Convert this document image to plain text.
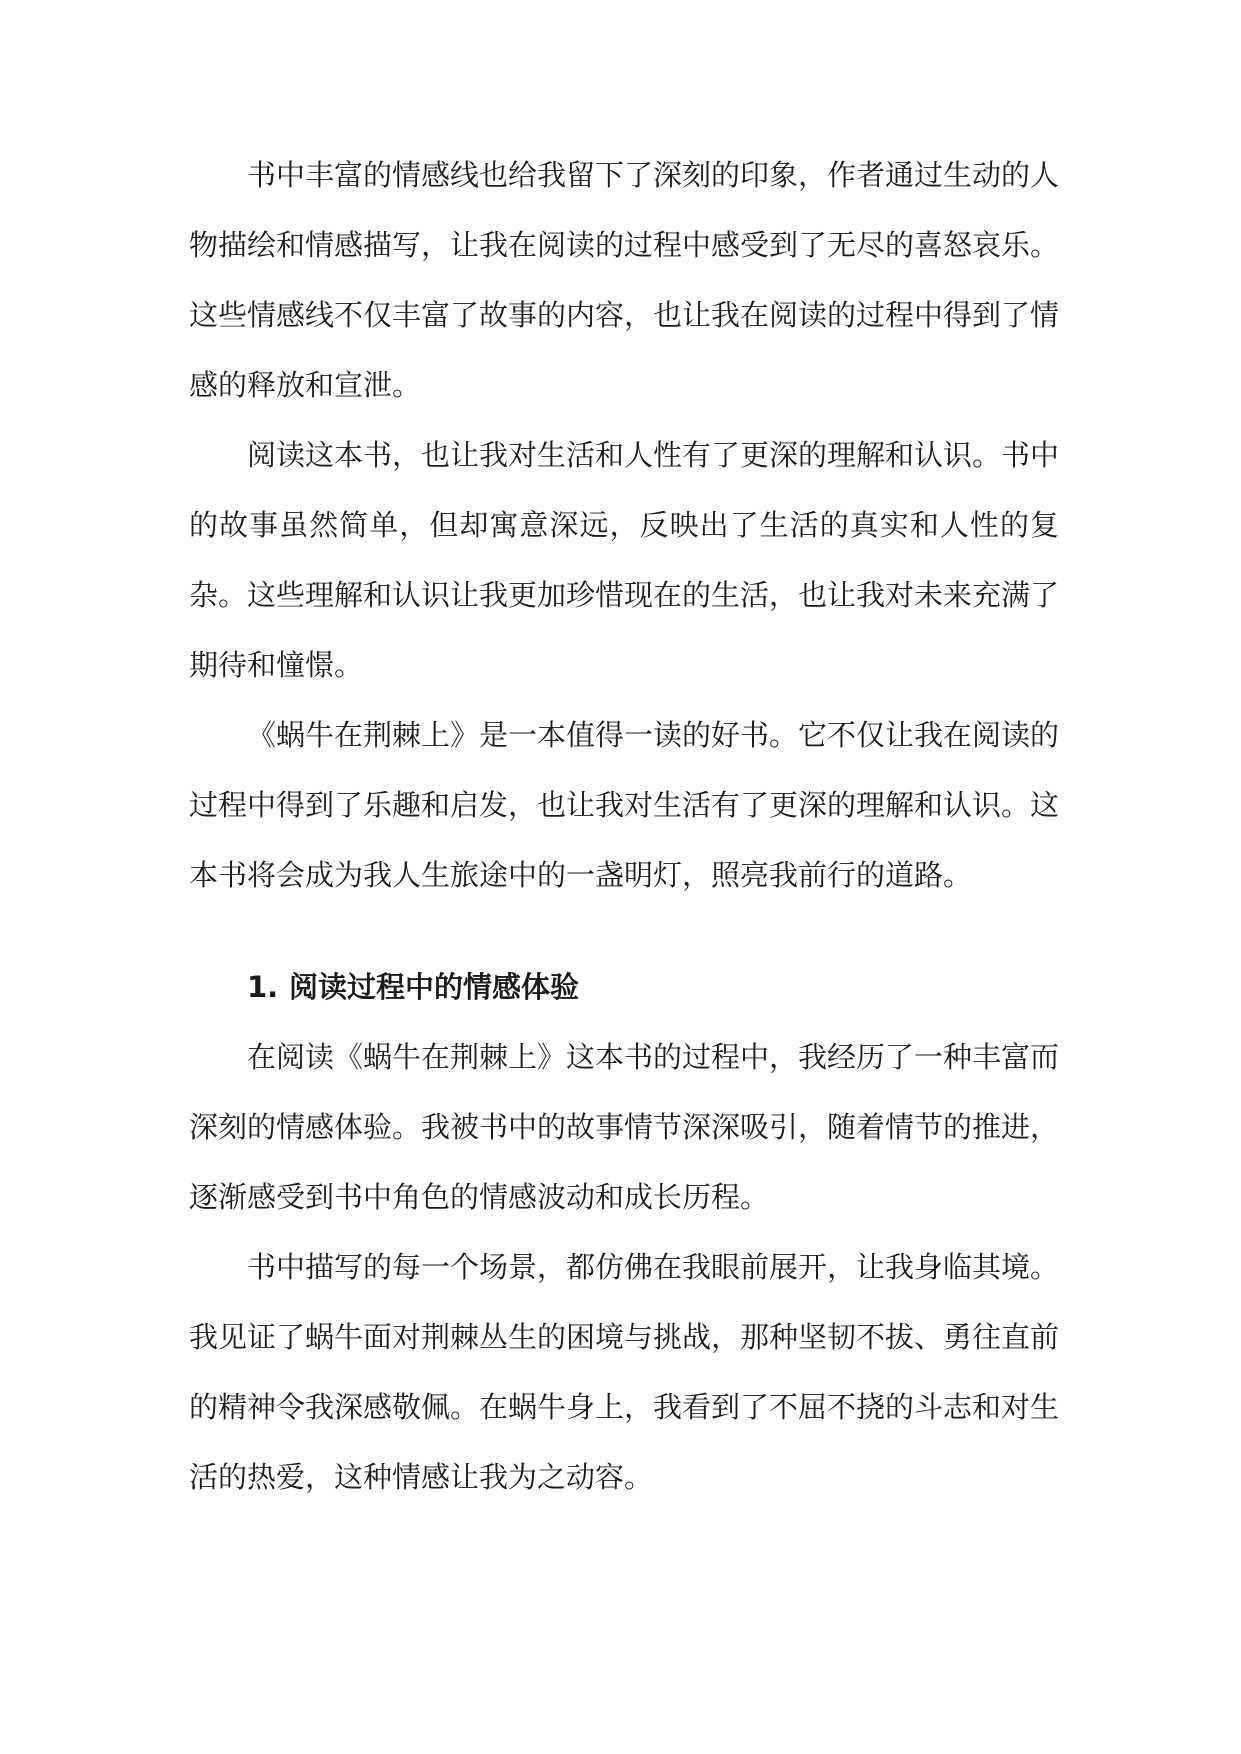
书中丰富的情感线也给我留下了深刻的印象，作者通过生动的人物描绘和情感描写，让我在阅读的过程中感受到了无尽的喜怒哀乐。这些情感线不仅丰富了故事的内容，也让我在阅读的过程中得到了情感的释放和宣泄。

阅读这本书，也让我对生活和人性有了更深的理解和认识。书中的故事虽然简单，但却寓意深远，反映出了生活的真实和人性的复杂。这些理解和认识让我更加珍惜现在的生活，也让我对未来充满了期待和憧憬。

《蜗牛在荆棘上》是一本值得一读的好书。它不仅让我在阅读的过程中得到了乐趣和启发，也让我对生活有了更深的理解和认识。这本书将会成为我人生旅途中的一盏明灯，照亮我前行的道路。

1. 阅读过程中的情感体验

在阅读《蜗牛在荆棘上》这本书的过程中，我经历了一种丰富而深刻的情感体验。我被书中的故事情节深深吸引，随着情节的推进，逐渐感受到书中角色的情感波动和成长历程。

书中描写的每一个场景，都仿佛在我眼前展开，让我身临其境。我见证了蜗牛面对荆棘丛生的困境与挑战，那种坚韧不拔、勇往直前的精神令我深感敬佩。在蜗牛身上，我看到了不屈不挠的斗志和对生活的热爱，这种情感让我为之动容。
